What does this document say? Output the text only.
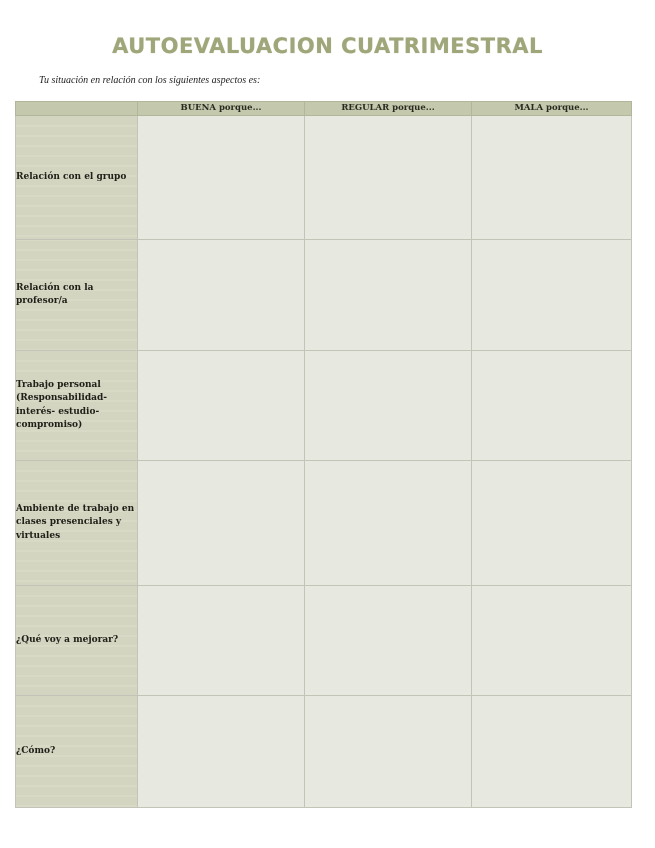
AUTOEVALUACION CUATRIMESTRAL
Tu situación en relación con los siguientes aspectos es:
	BUENA porque...	REGULAR porque...	MALA porque...
Relación con el grupo			
Relación con la profesor/a			
Trabajo personal (Responsabilidad-interés- estudio-compromiso)			
Ambiente de trabajo en clases presenciales y virtuales			
¿Qué voy a mejorar?			
¿Cómo?			
